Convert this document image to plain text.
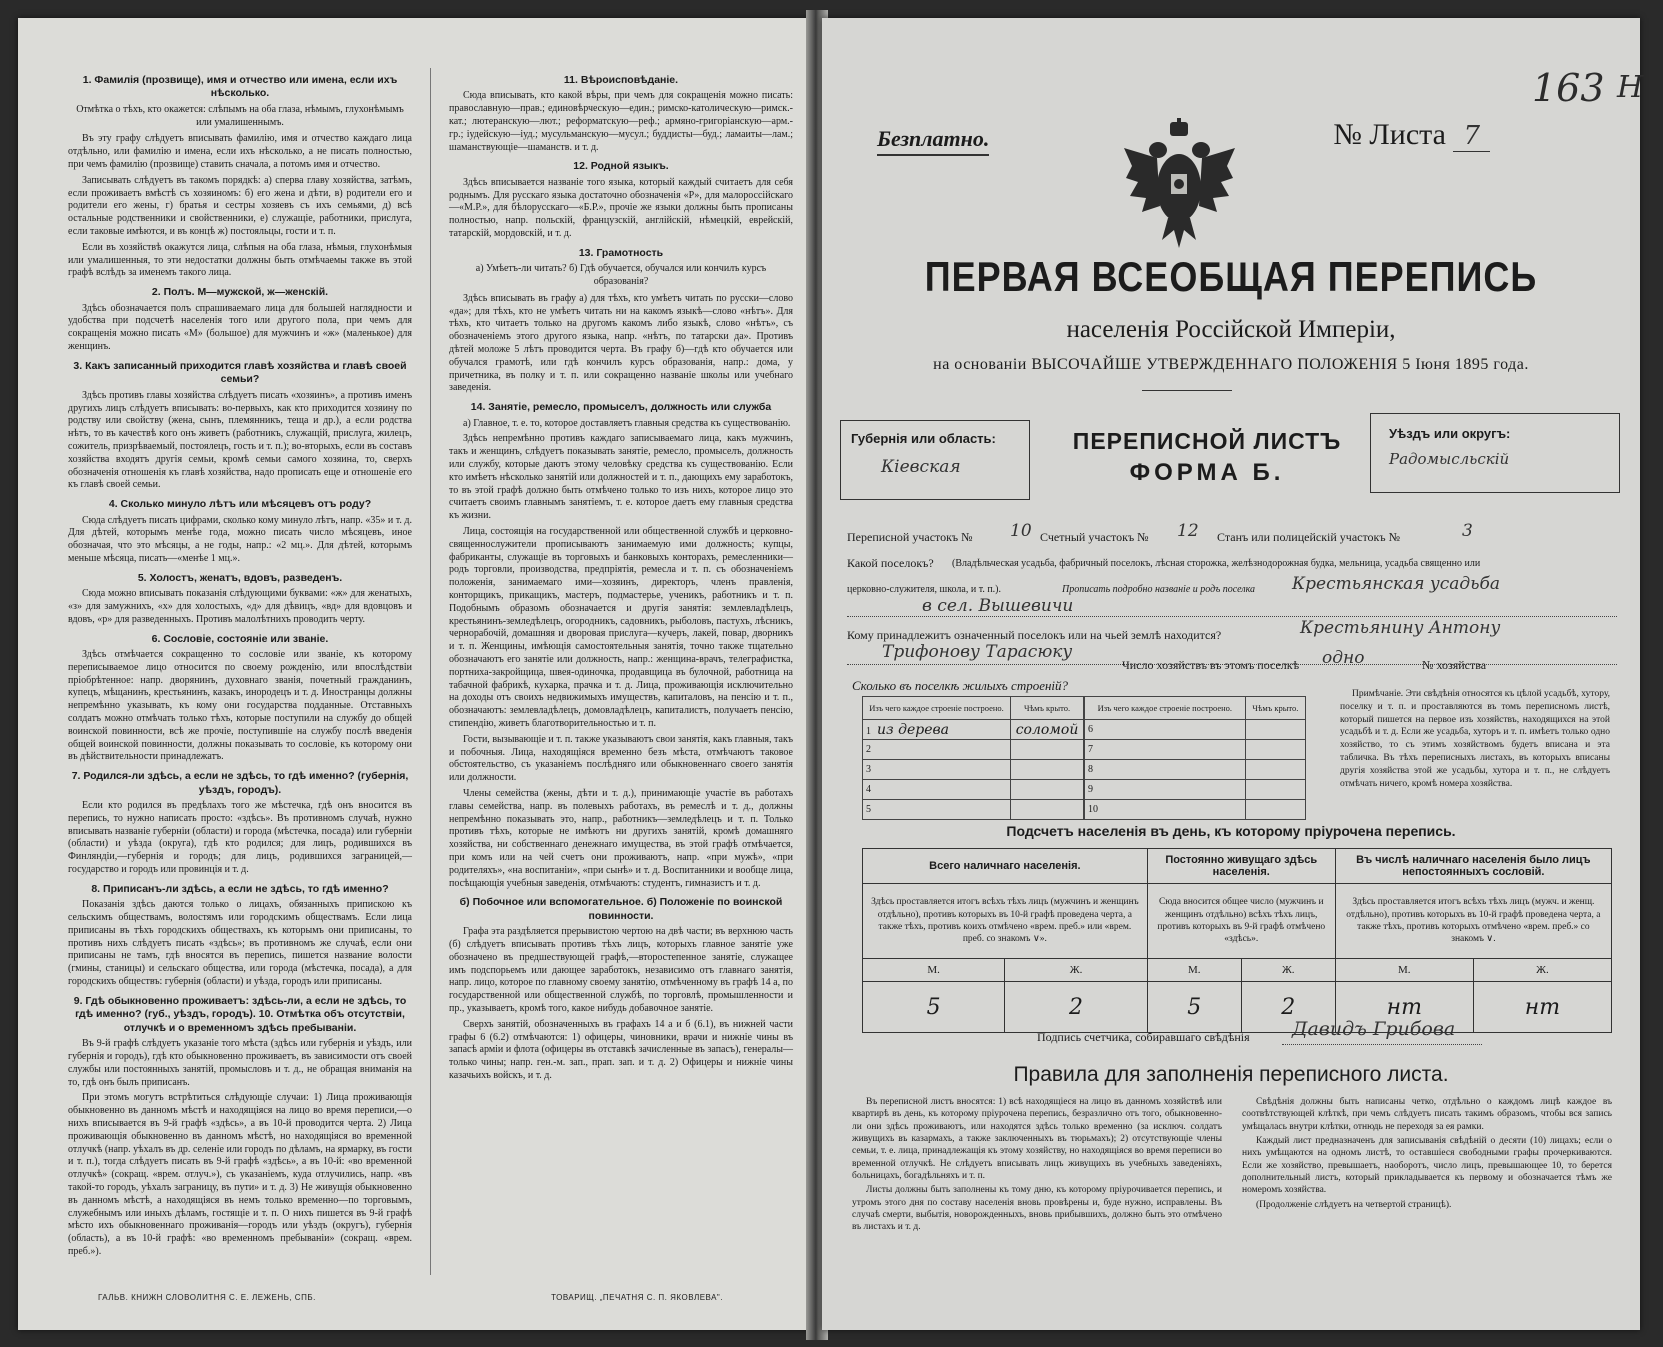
1. Фамилія (прозвище), имя и отчество или имена, если ихъ нѣсколько.

Отмѣтка о тѣхъ, кто окажется: слѣпымъ на оба глаза, нѣмымъ, глухонѣмымъ или умалишеннымъ.

Въ эту графу слѣдуетъ вписывать фамилію, имя и отчество каждаго лица отдѣльно, или фамилію и имена, если ихъ нѣсколько, а не писать полностью, при чемъ фамилію (прозвище) ставить сначала, а потомъ имя и отчество.

Записывать слѣдуетъ въ такомъ порядкѣ: а) сперва главу хозяйства, затѣмъ, если проживаетъ вмѣстѣ съ хозяиномъ: б) его жена и дѣти, в) родители его и родители его жены, г) братья и сестры хозяевъ съ ихъ семьями, д) всѣ остальные родственники и свойственники, е) служащіе, работники, прислуга, если таковые имѣются, и въ концѣ ж) постояльцы, гости и т. п.

Если въ хозяйствѣ окажутся лица, слѣпыя на оба глаза, нѣмыя, глухонѣмыя или умалишенныя, то эти недостатки должны быть отмѣчаемы также въ этой графѣ вслѣдъ за именемъ такого лица.

2. Полъ. М—мужской, ж—женскій.

Здѣсь обозначается полъ спрашиваемаго лица для большей наглядности и удобства при подсчетѣ населенія того или другого пола, при чемъ для сокращенія можно писать «М» (большое) для мужчинъ и «ж» (маленькое) для женщинъ.

3. Какъ записанный приходится главѣ хозяйства и главѣ своей семьи?

Здѣсь противъ главы хозяйства слѣдуетъ писать «хозяинъ», а противъ именъ другихъ лицъ слѣдуетъ вписывать: во-первыхъ, как кто приходится хозяину по родству или свойству (жена, сынъ, племянникъ, теща и др.), а если родства нѣтъ, то въ качествѣ кого онъ живетъ (работникъ, служащій, прислуга, жилецъ, сожитель, призрѣваемый, постоялецъ, гость и т. п.); во-вторыхъ, если въ составъ хозяйства входятъ другія семьи, кромѣ семьи самого хозяина, то, сверхъ обозначенія отношенія къ главѣ хозяйства, надо прописать еще и отношеніе его къ главѣ своей семьи.

4. Сколько минуло лѣтъ или мѣсяцевъ отъ роду?

Сюда слѣдуетъ писать цифрами, сколько кому минуло лѣтъ, напр. «35» и т. д. Для дѣтей, которымъ менѣе года, можно писать число мѣсяцевъ, иное обозначая, что это мѣсяцы, а не годы, напр.: «2 мц.». Для дѣтей, которымъ меньше мѣсяца, писать—«менѣе 1 мц.».

5. Холостъ, женатъ, вдовъ, разведенъ.

Сюда можно вписывать показанія слѣдующими буквами: «ж» для женатыхъ, «з» для замужнихъ, «х» для холостыхъ, «д» для дѣвицъ, «вд» для вдовцовъ и вдовъ, «р» для разведенныхъ. Противъ малолѣтнихъ проводить черту.

6. Сословіе, состояніе или званіе.

Здѣсь отмѣчается сокращенно то сословіе или званіе, къ которому переписываемое лицо относится по своему рожденію, или впослѣдствіи пріобрѣтенное: напр. дворянинъ, духовнаго званія, почетный гражданинъ, купецъ, мѣщанинъ, крестьянинъ, казакъ, инородецъ и т. д. Иностранцы должны непремѣнно указывать, къ кому они государства подданные. Отставныхъ солдатъ можно отмѣчать только тѣхъ, которые поступили на службу до общей воинской повинности, всѣ же прочіе, поступившіе на службу послѣ введенія общей воинской повинности, должны показывать то сословіе, къ которому они въ дѣйствительности принадлежатъ.

7. Родился-ли здѣсь, а если не здѣсь, то гдѣ именно? (губернія, уѣздъ, городъ).

Если кто родился въ предѣлахъ того же мѣстечка, гдѣ онъ вносится въ перепись, то нужно написать просто: «здѣсь». Въ противномъ случаѣ, нужно вписывать названіе губерніи (области) и города (мѣстечка, посада) или губерніи (области) и уѣзда (округа), гдѣ кто родился; для лицъ, родившихся въ Финляндіи,—губернія и городъ; для лицъ, родившихся заграницей,—государство и городъ или провинція и т. д.

8. Приписанъ-ли здѣсь, а если не здѣсь, то гдѣ именно?

Показанія здѣсь даются только о лицахъ, обязанныхъ припискою къ сельскимъ обществамъ, волостямъ или городскимъ обществамъ. Если лица приписаны въ тѣхъ городскихъ обществахъ, къ которымъ они приписаны, то противъ нихъ слѣдуетъ писать «здѣсь»; въ противномъ же случаѣ, если они приписаны не тамъ, гдѣ вносятся въ перепись, пишется название волости (гмины, станицы) и сельскаго общества, или города (мѣстечка, посада), а для городскихъ обществъ: губернія (области) и уѣзда, городъ или приписаны.

9. Гдѣ обыкновенно проживаетъ: здѣсь-ли, а если не здѣсь, то гдѣ именно? (губ., уѣздъ, городъ). 10. Отмѣтка объ отсутствіи, отлучкѣ и о временномъ здѣсь пребываніи.

Въ 9-й графѣ слѣдуетъ указаніе того мѣста (здѣсь или губернія и уѣздъ, или губернія и городъ), гдѣ кто обыкновенно проживаетъ, въ зависимости отъ своей службы или постоянныхъ занятій, промысловъ и т. д., не обращая вниманія на то, гдѣ онъ былъ приписанъ.

При этомъ могутъ встрѣтиться слѣдующіе случаи: 1) Лица проживающія обыкновенно въ данномъ мѣстѣ и находящіяся на лицо во время переписи,—о нихъ вписывается въ 9-й графѣ «здѣсь», а въ 10-й проводится черта. 2) Лица проживающія обыкновенно въ данномъ мѣстѣ, но находящіяся во временной отлучкѣ (напр. уѣхалъ въ др. селеніе или городъ по дѣламъ, на ярмарку, въ гости и т. п.), тогда слѣдуетъ писать въ 9-й графѣ «здѣсь», а въ 10-й: «во временной отлучкѣ» (сокращ. «врем. отлуч.»), съ указаніемъ, куда отлучились, напр. «въ такой-то городъ, уѣхалъ заграницу, въ пути» и т. д. 3) Не живущія обыкновенно въ данномъ мѣстѣ, а находящіяся въ немъ только временно—по торговымъ, служебнымъ или иныхъ дѣламъ, гостящіе и т. п. О нихъ пишется въ 9-й графѣ мѣсто ихъ обыкновеннаго проживанія—городъ или уѣздъ (округъ), губернія (область), а въ 10-й графѣ: «во временномъ пребываніи» (сокращ. «врем. преб.»).

11. Вѣроисповѣданіе.

Сюда вписывать, кто какой вѣры, при чемъ для сокращенія можно писать: православную—прав.; единовѣрческую—един.; римско-католическую—римск.-кат.; лютеранскую—лют.; реформатскую—реф.; армяно-григоріанскую—арм.-гр.; іудейскую—іуд.; мусульманскую—мусул.; буддисты—буд.; ламаиты—лам.; шаманствующіе—шаманств. и т. д.

12. Родной языкъ.

Здѣсь вписывается названіе того языка, который каждый считаетъ для себя роднымъ. Для русскаго языка достаточно обозначенія «Р», для малороссійскаго—«М.Р.», для бѣлорусскаго—«Б.Р.», прочіе же языки должны быть прописаны полностью, напр. польскій, французскій, англійскій, нѣмецкій, еврейскій, татарскій, мордовскій, и т. д.

13. Грамотность

а) Умѣетъ-ли читать? б) Гдѣ обучается, обучался или кончилъ курсъ образованія?

Здѣсь вписывать въ графу а) для тѣхъ, кто умѣетъ читать по русски—слово «да»; для тѣхъ, кто не умѣетъ читать ни на какомъ языкѣ—слово «нѣтъ». Для тѣхъ, кто читаетъ только на другомъ какомъ либо языкѣ, слово «нѣтъ», съ обозначеніемъ этого другого языка, напр. «нѣтъ, по татарски да». Противъ дѣтей моложе 5 лѣтъ проводится черта. Въ графу б)—гдѣ кто обучается или обучался грамотѣ, или гдѣ кончилъ курсъ образованія, напр.: дома, у причетника, въ полку и т. п. или сокращенно названіе школы или учебнаго заведенія.

14. Занятіе, ремесло, промыселъ, должность или служба

а) Главное, т. е. то, которое доставляетъ главныя средства къ существованію.

Здѣсь непремѣнно противъ каждаго записываемаго лица, какъ мужчинъ, такъ и женщинъ, слѣдуетъ показывать занятіе, ремесло, промыселъ, должность или службу, которые даютъ этому человѣку средства къ существованію. Если кто имѣетъ нѣсколько занятій или должностей и т. п., дающихъ ему заработокъ, то въ этой графѣ должно быть отмѣчено только то изъ нихъ, которое лицо это считаетъ своимъ главнымъ занятіемъ, т. е. которое даетъ ему главныя средства къ жизни.

Лица, состоящія на государственной или общественной службѣ и церковно-священнослужители прописываютъ занимаемую ими должность; купцы, фабриканты, служащіе въ торговыхъ и банковыхъ конторахъ, ремесленники—родъ торговли, производства, предпріятія, ремесла и т. п. съ обозначеніемъ положенія, занимаемаго ими—хозяинъ, директоръ, членъ правленія, конторщикъ, прикащикъ, мастеръ, подмастерье, ученикъ, работникъ и т. п. Подобнымъ образомъ обозначается и другія занятія: землевладѣлецъ, крестьянинъ-земледѣлецъ, огородникъ, садовникъ, рыболовъ, пастухъ, лѣсникъ, чернорабочій, домашняя и дворовая прислуга—кучеръ, лакей, повар, дворникъ и т. п. Женщины, имѣющія самостоятельныя занятія, точно также тщательно обозначаютъ его занятіе или должность, напр.: женщина-врачъ, телеграфистка, портниха-закройщица, швея-одиночка, продавщица въ булочной, работница на табачной фабрикѣ, кухарка, прачка и т. д. Лица, проживающія исключительно на доходы отъ своихъ недвижимыхъ имуществъ, капиталовъ, на пенсію и т. п., обозначаютъ: землевладѣлецъ, домовладѣлецъ, капиталистъ, получаетъ пенсію, стипендію, живетъ благотворительностью и т. п.

Гости, вызывающіе и т. п. также указываютъ свои занятія, какъ главныя, такъ и побочныя. Лица, находящіяся временно безъ мѣста, отмѣчаютъ таковое обстоятельство, съ указаніемъ послѣдняго или обыкновеннаго своего занятія или должности.

Члены семейства (жены, дѣти и т. д.), принимающіе участіе въ работахъ главы семейства, напр. въ полевыхъ работахъ, въ ремеслѣ и т. д., должны непремѣнно показывать это, напр., работникъ—земледѣлецъ и т. п. Только противъ тѣхъ, которые не имѣютъ ни другихъ занятій, кромѣ домашняго хозяйства, ни собственнаго денежнаго имущества, въ этой графѣ отмѣчается, при комъ или на чей счетъ они проживаютъ, напр. «при мужѣ», «при родителяхъ», «на воспитаніи», «при сынѣ» и т. д. Воспитанники и вообще лица, посѣщающія учебныя заведенія, отмѣчаютъ: студентъ, гимназистъ и т. д.

б) Побочное или вспомогательное. б) Положеніе по воинской повинности.

Графа эта раздѣляется прерывистою чертою на двѣ части; въ верхнюю часть (б) слѣдуетъ вписывать противъ тѣхъ лицъ, которыхъ главное занятіе уже обозначено въ предшествующей графѣ,—второстепенное занятіе, служащее имъ подспорьемъ или дающее заработокъ, независимо отъ главнаго занятія, напр. лицо, которое по главному своему занятію, отмѣченному въ графѣ 14 а, по государственной или общественной службѣ, по торговлѣ, промышленности и пр., указываетъ, кромѣ того, какое нибудь добавочное занятіе.

Сверхъ занятій, обозначенныхъ въ графахъ 14 а и б (6.1), въ нижней части графы 6 (6.2) отмѣчаются: 1) офицеры, чиновники, врачи и нижніе чины въ запасѣ арміи и флота (офицеры въ отставкѣ зачисленные въ запасъ), генералы—только чины; напр. ген.-м. зап., прап. зап. и т. д. 2) Офицеры и нижніе чины казачьихъ войскъ, и т. д.

ГАЛЬВ. КНИЖН СЛОВОЛИТНЯ С. Е. ЛЕЖЕНЬ, СПБ.	ТОВАРИЩ. „ПЕЧАТНЯ С. П. ЯКОВЛЕВА".
Безплатно.	№ Листа 7
163 Н
ПЕРВАЯ ВСЕОБЩАЯ ПЕРЕПИСЬ
населенія Россійской Имперіи,
на основаніи ВЫСОЧАЙШЕ УТВЕРЖДЕННАГО ПОЛОЖЕНІЯ 5 Іюня 1895 года.
Губернія или область:
Кіевская
ПЕРЕПИСНОЙ ЛИСТЪ
ФОРМА Б.
Уѣздъ или округъ:
Радомысльскій
Переписной участокъ № 10 Счетный участокъ № 12 Станъ или полицейскій участокъ №	3
Какой поселокъ? (Владѣльческая усадьба, фабричный поселокъ, лѣсная сторожка, желѣзнодорожная будка, мельница, усадьба священно или
церковно-служителя, школа, и т. п.).	Прописать подробно названіе и родъ поселка Крестьянская усадьба
в сел. Вышевичи
Кому принадлежитъ означенный поселокъ или на чьей землѣ находится?	Крестьянину Антону
Трифонову Тарасюку
Число хозяйствъ въ этомъ поселкѣ одно	№ хозяйства
Сколько въ поселкѣ жилыхъ строеній?
Изъ чего каждое строеніе построено.	Чѣмъ крыто.
1 из дерева	соломой
2	
3	
4	
5	
Изъ чего каждое строеніе построено.	Чѣмъ крыто.
6	
7	
8	
9	
10	
Примѣчаніе. Эти свѣдѣнія относятся къ цѣлой усадьбѣ, хутору, поселку и т. п. и проставляются въ томъ переписномъ листѣ, который пишется на первое изъ хозяйствъ, находящихся на этой усадьбѣ и т. д. Если же усадьба, хуторъ и т. п. имѣетъ только одно хозяйство, то съ этимъ хозяйствомъ будетъ вписана и эта табличка. Въ тѣхъ переписныхъ листахъ, въ которыхъ вписаны другія хозяйства этой же усадьбы, хутора и т. п., не слѣдуетъ отмѣчать ничего, кромѣ номера хозяйства.
Подсчетъ населенія въ день, къ которому пріурочена перепись.
Всего наличнаго населенія.		Постоянно живущаго здѣсь населенія.		Въ числѣ наличнаго населенія было лицъ непостоянныхъ сословій.	
Здѣсь проставляется итогъ всѣхъ тѣхъ лицъ (мужчинъ и женщинъ отдѣльно), противъ которыхъ въ 10-й графѣ проведена черта, а также тѣхъ, противъ коихъ отмѣчено «врем. преб.» или «врем. преб. со знакомъ ∨».		Сюда вносится общее число (мужчинъ и женщинъ отдѣльно) всѣхъ тѣхъ лицъ, противъ которыхъ въ 9-й графѣ отмѣчено «здѣсь».		Здѣсь проставляется итогъ всѣхъ тѣхъ лицъ (мужч. и женщ. отдѣльно), противъ которыхъ въ 10-й графѣ проведена черта, а также тѣхъ, противъ которыхъ отмѣчено «врем. преб.» со знакомъ ∨.	
М.	Ж.	М.	Ж.	М.	Ж.
5	2	5	2	нт	нт
Подпись счетчика, собиравшаго свѣдѣнія Давидъ Грибова
Правила для заполненія переписного листа.

Въ переписной листъ вносятся: 1) всѣ находящіеся на лицо въ данномъ хозяйствѣ или квартирѣ въ день, къ которому пріурочена перепись, безразлично отъ того, обыкновенно-ли они здѣсь проживаютъ, или находятся здѣсь только временно (за исключ. солдатъ живущихъ въ казармахъ, а также заключенныхъ въ тюрьмахъ); 2) отсутствующіе члены семьи, т. е. лица, принадлежащія къ этому хозяйству, но находящіяся во время переписи во временной отлучкѣ. Не слѣдуетъ вписывать лицъ живущихъ въ учебныхъ заведеніяхъ, больницахъ, богадѣльняхъ и т. п.

Листы должны быть заполнены къ тому дню, къ которому пріурочивается перепись, и утромъ этого дня по составу населенія вновь провѣрены и, буде нужно, исправлены. Въ случаѣ смерти, выбытія, новорожденныхъ, вновь прибывшихъ, должно быть это отмѣчено въ листахъ и т. д.

Свѣдѣнія должны быть написаны четко, отдѣльно о каждомъ лицѣ каждое въ соотвѣтствующей клѣткѣ, при чемъ слѣдуетъ писать такимъ образомъ, чтобы вся запись умѣщалась внутри клѣтки, отнюдь не переходя за ея рамки.

Каждый лист предназначенъ для записыванія свѣдѣній о десяти (10) лицахъ; если о нихъ умѣщаются на одномъ листѣ, то оставшіеся свободными графы прочеркиваются. Если же хозяйство, превышаетъ, наоборотъ, число лицъ, превышающее 10, то берется дополнительный листъ, который прикладывается къ первому и обозначается тѣмъ же номеромъ хозяйства.

(Продолженіе слѣдуетъ на четвертой страницѣ).
